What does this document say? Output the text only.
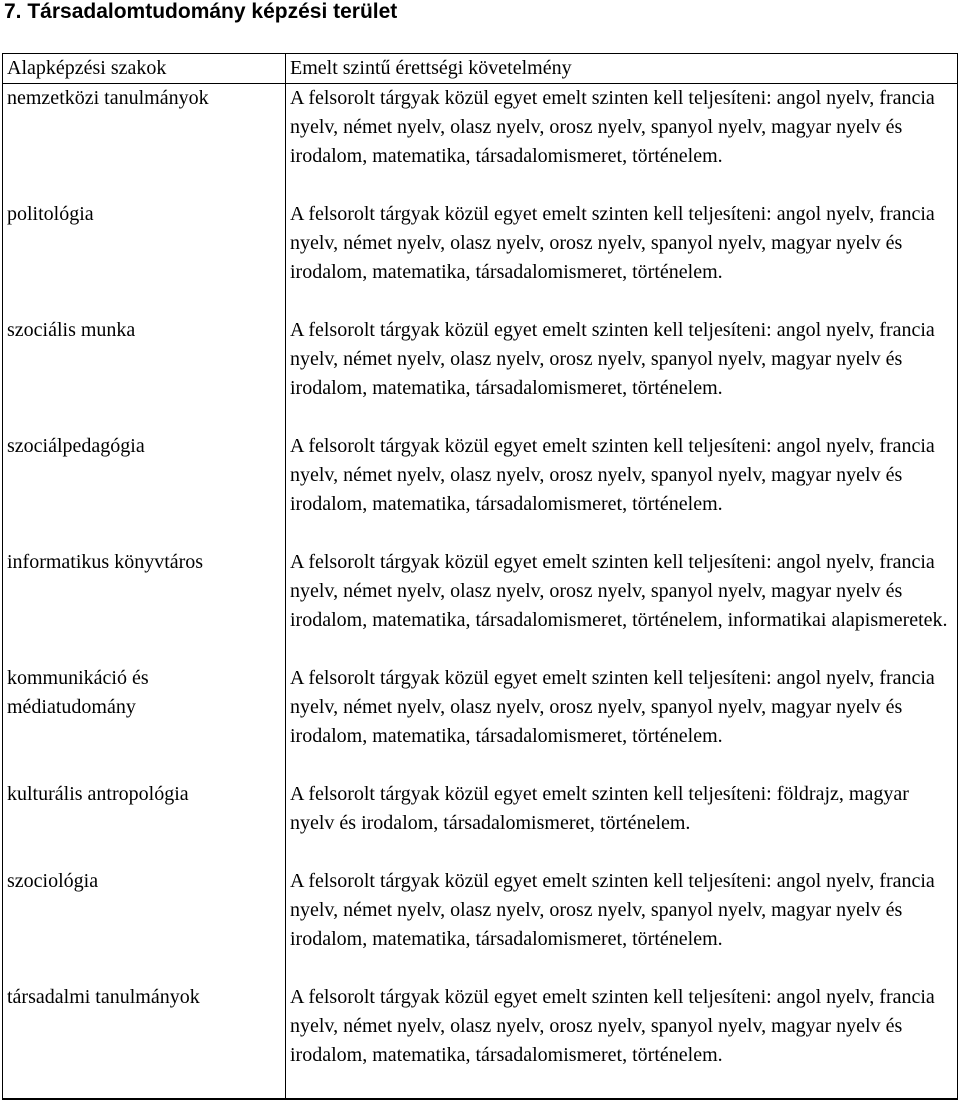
7. Társadalomtudomány képzési terület
Alapképzési szakok	Emelt szintű érettségi követelmény
nemzetközi tanulmányok	A felsorolt tárgyak közül egyet emelt szinten kell teljesíteni: angol nyelv, francia nyelv, német nyelv, olasz nyelv, orosz nyelv, spanyol nyelv, magyar nyelv és irodalom, matematika, társadalomismeret, történelem.
politológia	A felsorolt tárgyak közül egyet emelt szinten kell teljesíteni: angol nyelv, francia nyelv, német nyelv, olasz nyelv, orosz nyelv, spanyol nyelv, magyar nyelv és irodalom, matematika, társadalomismeret, történelem.
szociális munka	A felsorolt tárgyak közül egyet emelt szinten kell teljesíteni: angol nyelv, francia nyelv, német nyelv, olasz nyelv, orosz nyelv, spanyol nyelv, magyar nyelv és irodalom, matematika, társadalomismeret, történelem.
szociálpedagógia	A felsorolt tárgyak közül egyet emelt szinten kell teljesíteni: angol nyelv, francia nyelv, német nyelv, olasz nyelv, orosz nyelv, spanyol nyelv, magyar nyelv és irodalom, matematika, társadalomismeret, történelem.
informatikus könyvtáros	A felsorolt tárgyak közül egyet emelt szinten kell teljesíteni: angol nyelv, francia nyelv, német nyelv, olasz nyelv, orosz nyelv, spanyol nyelv, magyar nyelv és irodalom, matematika, társadalomismeret, történelem, informatikai alapismeretek.
kommunikáció és médiatudomány	A felsorolt tárgyak közül egyet emelt szinten kell teljesíteni: angol nyelv, francia nyelv, német nyelv, olasz nyelv, orosz nyelv, spanyol nyelv, magyar nyelv és irodalom, matematika, társadalomismeret, történelem.
kulturális antropológia	A felsorolt tárgyak közül egyet emelt szinten kell teljesíteni: földrajz, magyar nyelv és irodalom, társadalomismeret, történelem.
szociológia	A felsorolt tárgyak közül egyet emelt szinten kell teljesíteni: angol nyelv, francia nyelv, német nyelv, olasz nyelv, orosz nyelv, spanyol nyelv, magyar nyelv és irodalom, matematika, társadalomismeret, történelem.
társadalmi tanulmányok	A felsorolt tárgyak közül egyet emelt szinten kell teljesíteni: angol nyelv, francia nyelv, német nyelv, olasz nyelv, orosz nyelv, spanyol nyelv, magyar nyelv és irodalom, matematika, társadalomismeret, történelem.
